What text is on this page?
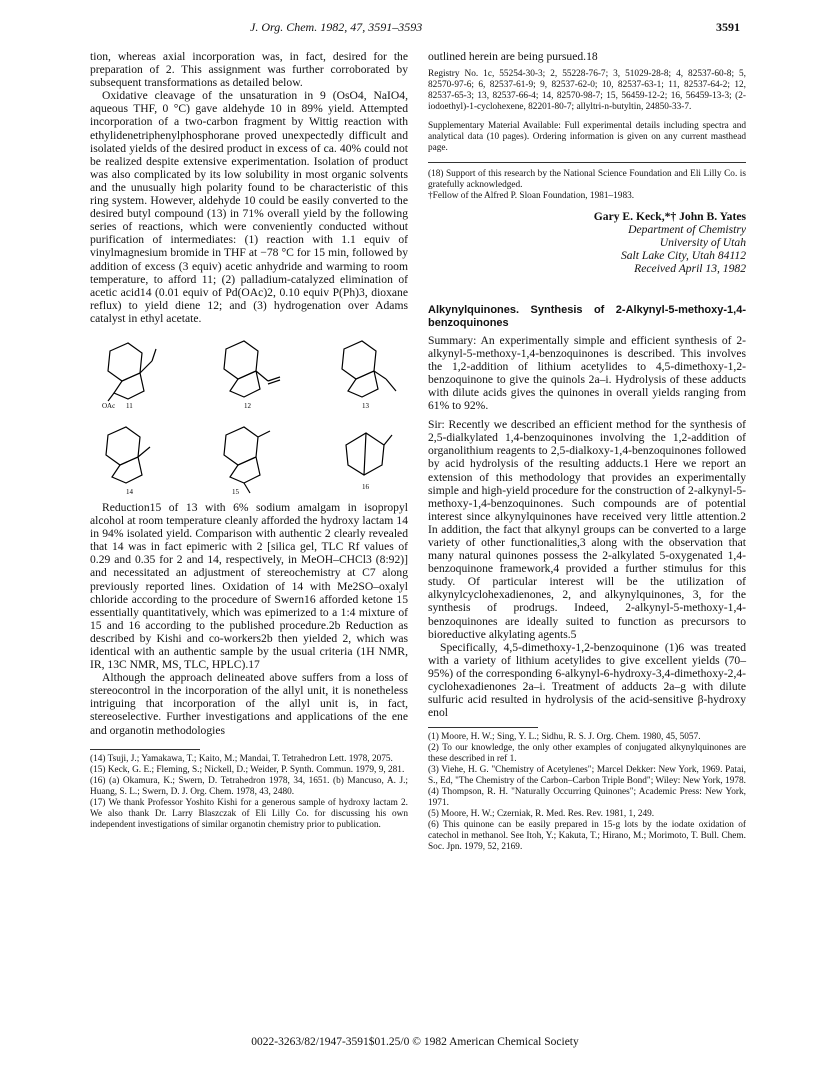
J. Org. Chem. 1982, 47, 3591–3593	3591

tion, whereas axial incorporation was, in fact, desired for the preparation of 2. This assignment was further corroborated by subsequent transformations as detailed below.

Oxidative cleavage of the unsaturation in 9 (OsO4, NaIO4, aqueous THF, 0 °C) gave aldehyde 10 in 89% yield. Attempted incorporation of a two-carbon fragment by Wittig reaction with ethylidenetriphenylphosphorane proved unexpectedly difficult and isolated yields of the desired product in excess of ca. 40% could not be realized despite extensive experimentation. Isolation of product was also complicated by its low solubility in most organic solvents and the unusually high polarity found to be characteristic of this ring system. However, aldehyde 10 could be easily converted to the desired butyl compound (13) in 71% overall yield by the following series of reactions, which were conveniently conducted without purification of intermediates: (1) reaction with 1.1 equiv of vinylmagnesium bromide in THF at −78 °C for 15 min, followed by addition of excess (3 equiv) acetic anhydride and warming to room temperature, to afford 11; (2) palladium-catalyzed elimination of acetic acid14 (0.01 equiv of Pd(OAc)2, 0.10 equiv P(Ph)3, dioxane reflux) to yield diene 12; and (3) hydrogenation over Adams catalyst in ethyl acetate.

OAc 11	12	13
14	15
16

Reduction15 of 13 with 6% sodium amalgam in isopropyl alcohol at room temperature cleanly afforded the hydroxy lactam 14 in 94% isolated yield. Comparison with authentic 2 clearly revealed that 14 was in fact epimeric with 2 [silica gel, TLC Rf values of 0.29 and 0.35 for 2 and 14, respectively, in MeOH–CHCl3 (8:92)] and necessitated an adjustment of stereochemistry at C7 along previously reported lines. Oxidation of 14 with Me2SO–oxalyl chloride according to the procedure of Swern16 afforded ketone 15 essentially quantitatively, which was epimerized to a 1:4 mixture of 15 and 16 according to the published procedure.2b Reduction as described by Kishi and co-workers2b then yielded 2, which was identical with an authentic sample by the usual criteria (1H NMR, IR, 13C NMR, MS, TLC, HPLC).17

Although the approach delineated above suffers from a loss of stereocontrol in the incorporation of the allyl unit, it is nonetheless intriguing that incorporation of the allyl unit is, in fact, stereoselective. Further investigations and applications of the ene and organotin methodologies

(14) Tsuji, J.; Yamakawa, T.; Kaito, M.; Mandai, T. Tetrahedron Lett. 1978, 2075.

(15) Keck, G. E.; Fleming, S.; Nickell, D.; Weider, P. Synth. Commun. 1979, 9, 281.

(16) (a) Okamura, K.; Swern, D. Tetrahedron 1978, 34, 1651. (b) Mancuso, A. J.; Huang, S. L.; Swern, D. J. Org. Chem. 1978, 43, 2480.

(17) We thank Professor Yoshito Kishi for a generous sample of hydroxy lactam 2. We also thank Dr. Larry Blaszczak of Eli Lilly Co. for discussing his own independent investigations of similar organotin chemistry prior to publication.

outlined herein are being pursued.18

Registry No. 1c, 55254-30-3; 2, 55228-76-7; 3, 51029-28-8; 4, 82537-60-8; 5, 82570-97-6; 6, 82537-61-9; 9, 82537-62-0; 10, 82537-63-1; 11, 82537-64-2; 12, 82537-65-3; 13, 82537-66-4; 14, 82570-98-7; 15, 56459-12-2; 16, 56459-13-3; (2-iodoethyl)-1-cyclohexene, 82201-80-7; allyltri-n-butyltin, 24850-33-7.

Supplementary Material Available: Full experimental details including spectra and analytical data (10 pages). Ordering information is given on any current masthead page.

(18) Support of this research by the National Science Foundation and Eli Lilly Co. is gratefully acknowledged.

†Fellow of the Alfred P. Sloan Foundation, 1981–1983.

Gary E. Keck,*† John B. Yates

Department of Chemistry

University of Utah

Salt Lake City, Utah 84112

Received April 13, 1982

Alkynylquinones. Synthesis of 2-Alkynyl-5-methoxy-1,4-benzoquinones

Summary: An experimentally simple and efficient synthesis of 2-alkynyl-5-methoxy-1,4-benzoquinones is described. This involves the 1,2-addition of lithium acetylides to 4,5-dimethoxy-1,2-benzoquinone to give the quinols 2a–i. Hydrolysis of these adducts with dilute acids gives the quinones in overall yields ranging from 61% to 92%.

Sir: Recently we described an efficient method for the synthesis of 2,5-dialkylated 1,4-benzoquinones involving the 1,2-addition of organolithium reagents to 2,5-dialkoxy-1,4-benzoquinones followed by acid hydrolysis of the resulting adducts.1 Here we report an extension of this methodology that provides an experimentally simple and high-yield procedure for the construction of 2-alkynyl-5-methoxy-1,4-benzoquinones. Such compounds are of potential interest since alkynylquinones have received very little attention.2 In addition, the fact that alkynyl groups can be converted to a large variety of other functionalities,3 along with the observation that many natural quinones possess the 2-alkylated 5-oxygenated 1,4-benzoquinone framework,4 provided a further stimulus for this study. Of particular interest will be the utilization of alkynylcyclohexadienones, 2, and alkynylquinones, 3, for the synthesis of prodrugs. Indeed, 2-alkynyl-5-methoxy-1,4-benzoquinones are ideally suited to function as precursors to bioreductive alkylating agents.5

Specifically, 4,5-dimethoxy-1,2-benzoquinone (1)6 was treated with a variety of lithium acetylides to give excellent yields (70–95%) of the corresponding 6-alkynyl-6-hydroxy-3,4-dimethoxy-2,4-cyclohexadienones 2a–i. Treatment of adducts 2a–g with dilute sulfuric acid resulted in hydrolysis of the acid-sensitive β-hydroxy enol

(1) Moore, H. W.; Sing, Y. L.; Sidhu, R. S. J. Org. Chem. 1980, 45, 5057.

(2) To our knowledge, the only other examples of conjugated alkynylquinones are these described in ref 1.

(3) Viehe, H. G. "Chemistry of Acetylenes"; Marcel Dekker: New York, 1969. Patai, S., Ed, "The Chemistry of the Carbon–Carbon Triple Bond"; Wiley: New York, 1978.

(4) Thompson, R. H. "Naturally Occurring Quinones"; Academic Press: New York, 1971.

(5) Moore, H. W.; Czerniak, R. Med. Res. Rev. 1981, 1, 249.

(6) This quinone can be easily prepared in 15-g lots by the iodate oxidation of catechol in methanol. See Itoh, Y.; Kakuta, T.; Hirano, M.; Morimoto, T. Bull. Chem. Soc. Jpn. 1979, 52, 2169.

0022-3263/82/1947-3591$01.25/0 © 1982 American Chemical Society
